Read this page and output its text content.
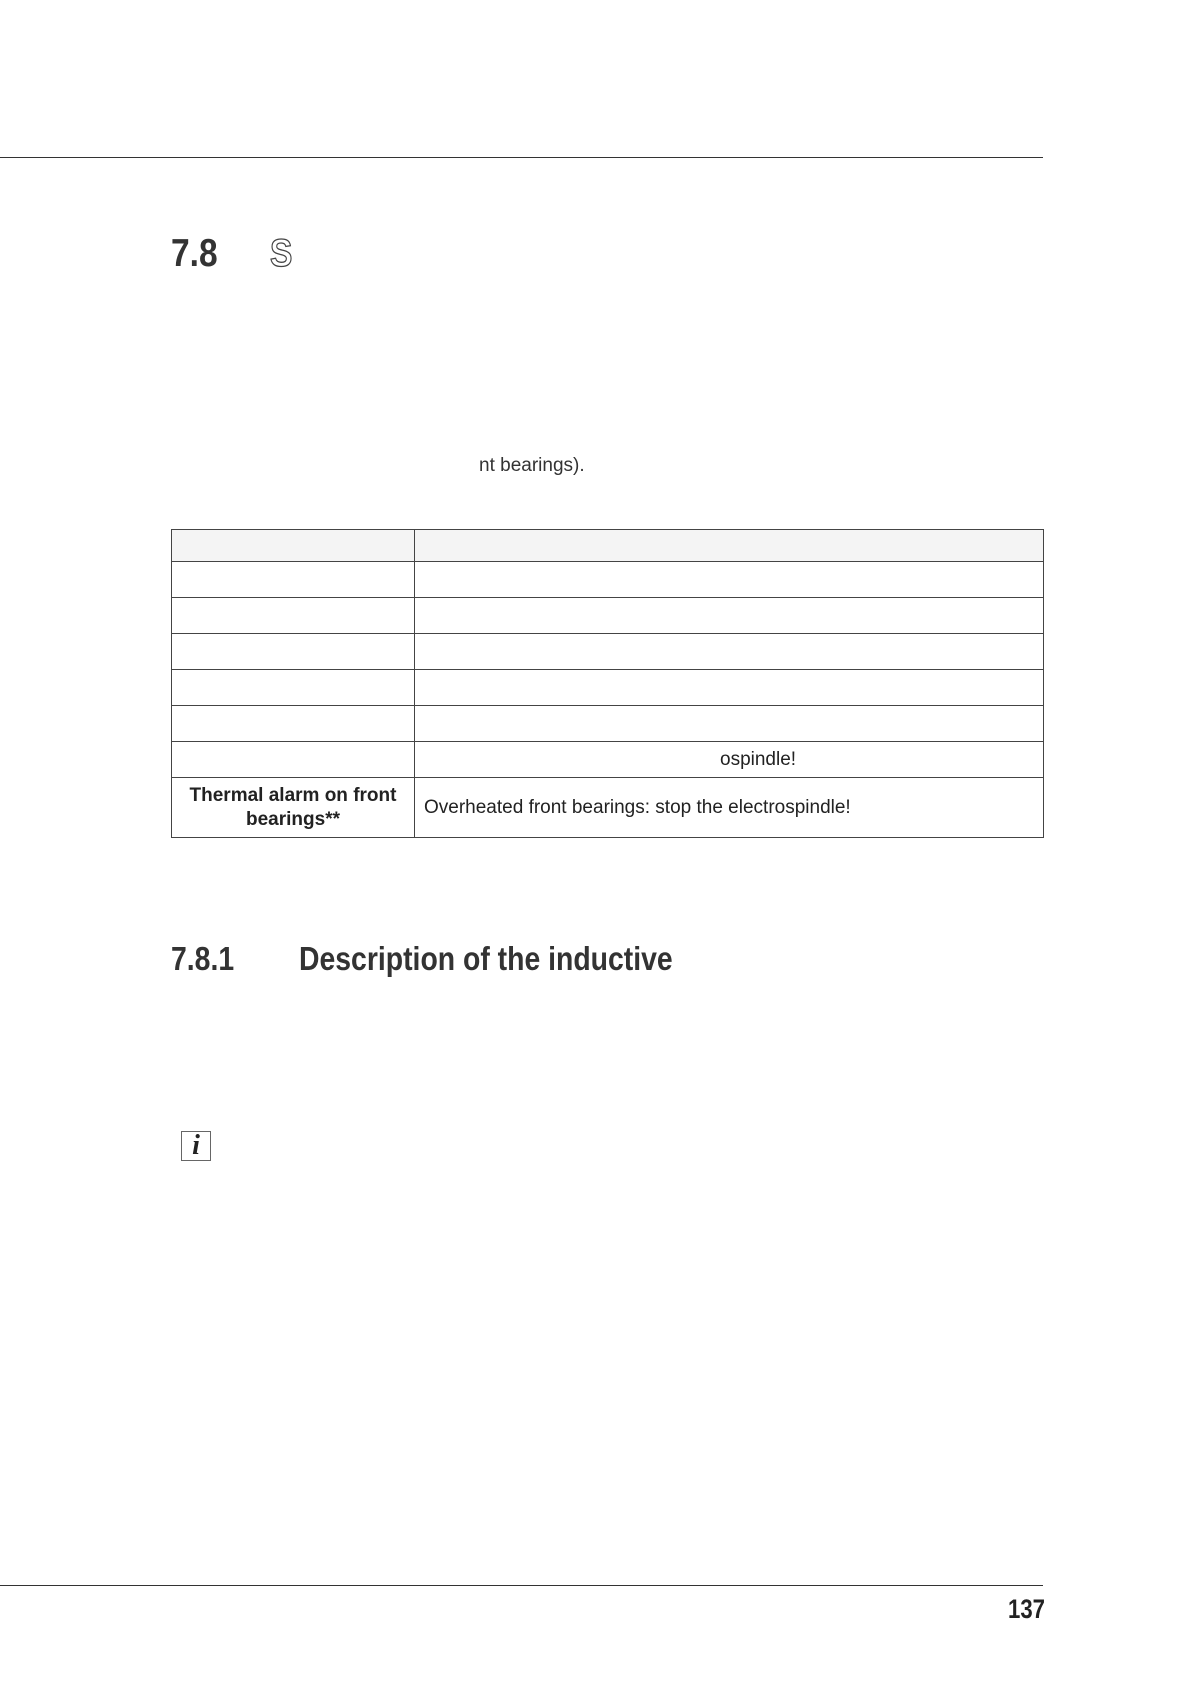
7.8 S
nt bearings).

	ospindle!
Thermal alarm on front bearings**	Overheated front bearings: stop the electrospindle!
7.8.1 Description of the inductive
i
137
